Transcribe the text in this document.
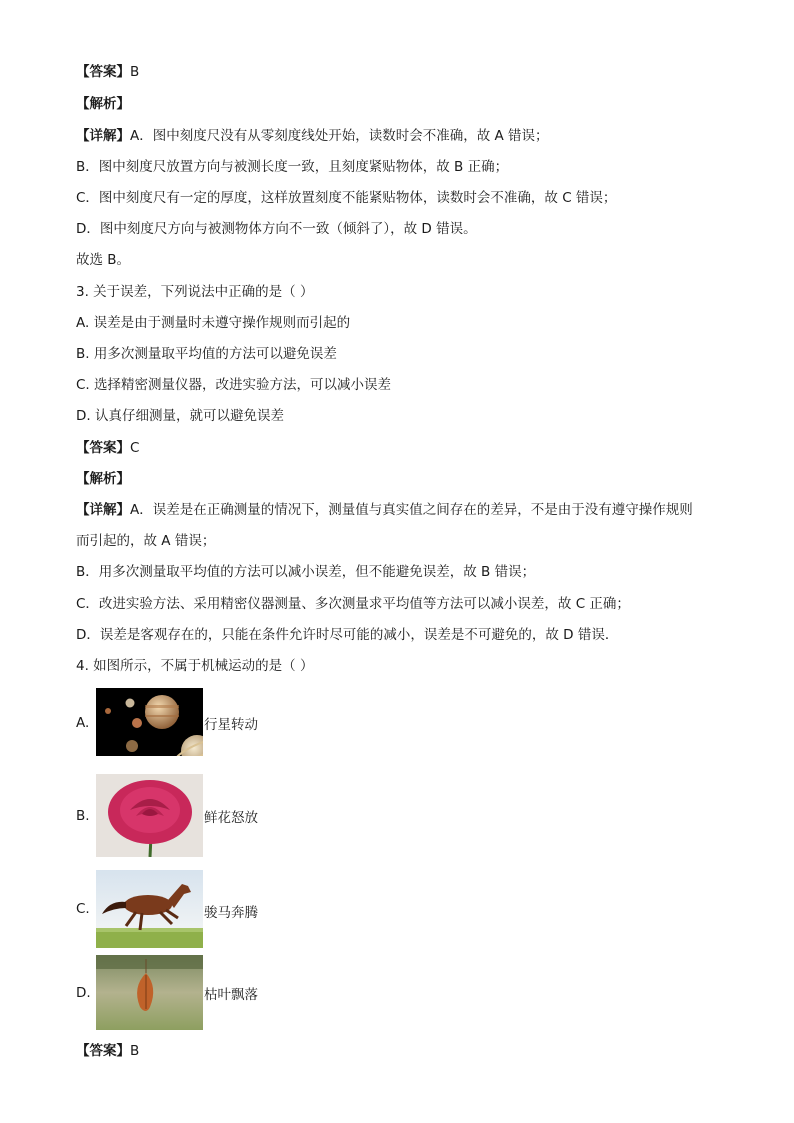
【答案】B
【解析】
【详解】A．图中刻度尺没有从零刻度线处开始，读数时会不准确，故 A 错误；
B．图中刻度尺放置方向与被测长度一致，且刻度紧贴物体，故 B 正确；
C．图中刻度尺有一定的厚度，这样放置刻度不能紧贴物体，读数时会不准确，故 C 错误；
D．图中刻度尺方向与被测物体方向不一致（倾斜了），故 D 错误。
故选 B。
3. 关于误差，下列说法中正确的是（ ）
A. 误差是由于测量时未遵守操作规则而引起的
B. 用多次测量取平均值的方法可以避免误差
C. 选择精密测量仪器，改进实验方法，可以减小误差
D. 认真仔细测量，就可以避免误差
【答案】C
【解析】
【详解】A．误差是在正确测量的情况下，测量值与真实值之间存在的差异，不是由于没有遵守操作规则
而引起的，故 A 错误；
B．用多次测量取平均值的方法可以减小误差，但不能避免误差，故 B 错误；
C．改进实验方法、采用精密仪器测量、多次测量求平均值等方法可以减小误差，故 C 正确；
D．误差是客观存在的，只能在条件允许时尽可能的减小，误差是不可避免的，故 D 错误．
4. 如图所示，不属于机械运动的是（ ）
A.	行星转动
B.	鲜花怒放
C.	骏马奔腾
D.	枯叶飘落
【答案】B
